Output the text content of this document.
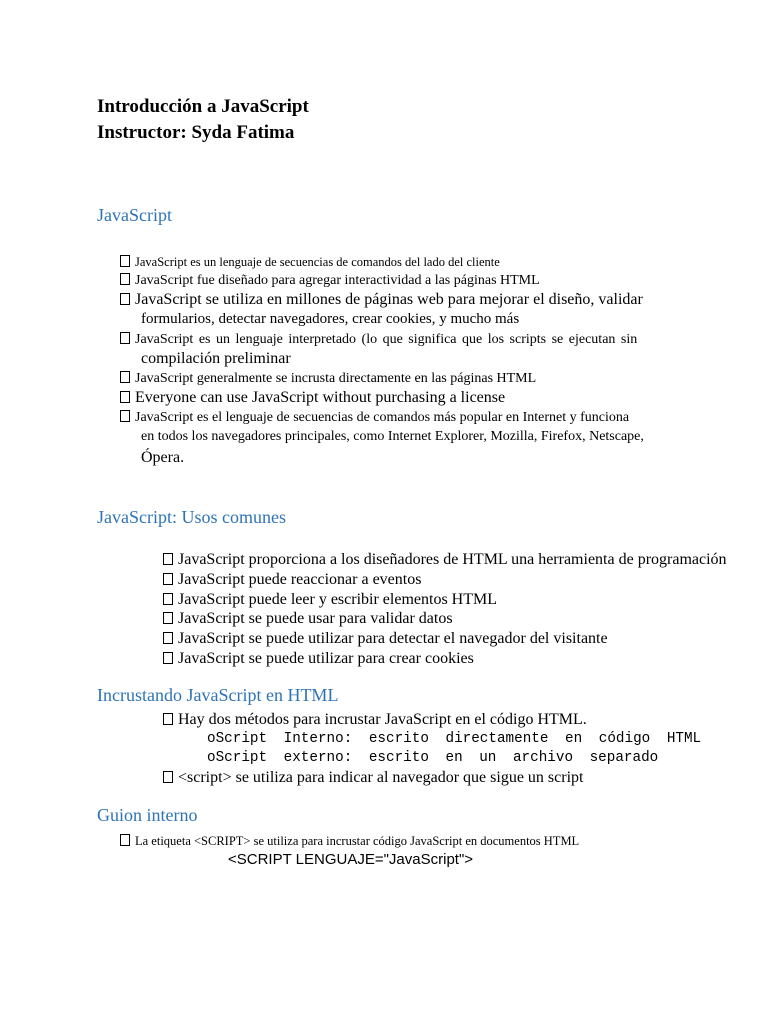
Introducción a JavaScript
Instructor: Syda Fatima
JavaScript
JavaScript es un lenguaje de secuencias de comandos del lado del cliente
JavaScript fue diseñado para agregar interactividad a las páginas HTML
JavaScript se utiliza en millones de páginas web para mejorar el diseño, validar
formularios, detectar navegadores, crear cookies, y mucho más
JavaScript es un lenguaje interpretado (lo que significa que los scripts se ejecutan sin
compilación preliminar
JavaScript generalmente se incrusta directamente en las páginas HTML
Everyone can use JavaScript without purchasing a license
JavaScript es el lenguaje de secuencias de comandos más popular en Internet y funciona
en todos los navegadores principales, como Internet Explorer, Mozilla, Firefox, Netscape,
Ópera.
JavaScript: Usos comunes
JavaScript proporciona a los diseñadores de HTML una herramienta de programación
JavaScript puede reaccionar a eventos
JavaScript puede leer y escribir elementos HTML
JavaScript se puede usar para validar datos
JavaScript se puede utilizar para detectar el navegador del visitante
JavaScript se puede utilizar para crear cookies
Incrustando JavaScript en HTML
Hay dos métodos para incrustar JavaScript en el código HTML.
oScript Interno: escrito directamente en código HTML
oScript externo: escrito en un archivo separado
<script> se utiliza para indicar al navegador que sigue un script
Guion interno
La etiqueta <SCRIPT> se utiliza para incrustar código JavaScript en documentos HTML
<SCRIPT LENGUAJE="JavaScript">
